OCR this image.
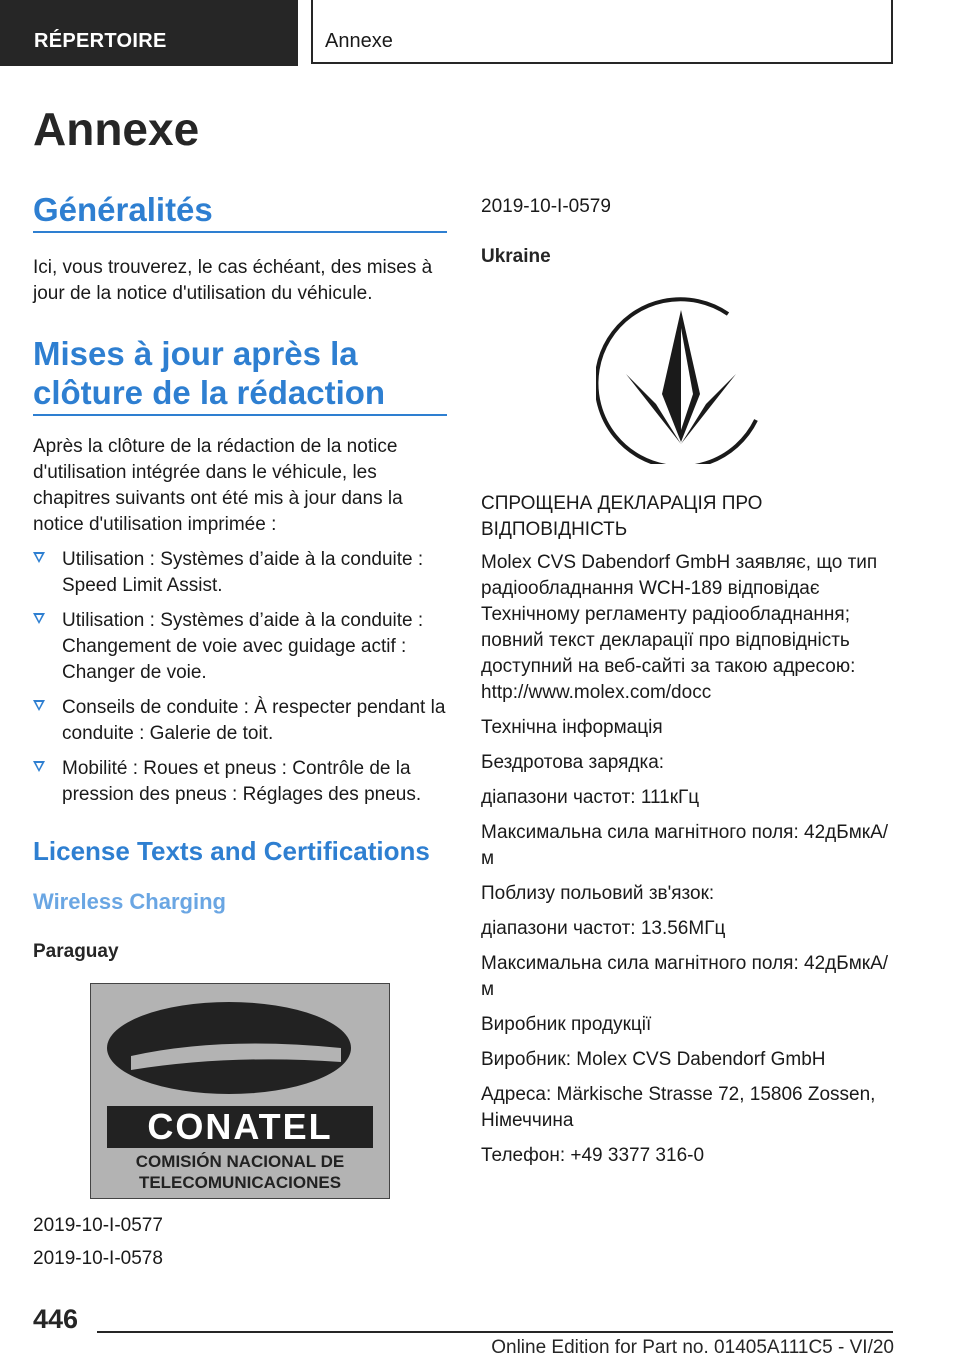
RÉPERTOIRE	Annexe
Annexe
Généralités

Ici, vous trouverez, le cas échéant, des mises à jour de la notice d'utilisation du véhicule.

Mises à jour après la clôture de la rédaction

Après la clôture de la rédaction de la notice d'utilisation intégrée dans le véhicule, les chapitres suivants ont été mis à jour dans la notice d'utilisation imprimée :

Utilisation : Systèmes d’aide à la conduite : Speed Limit Assist.
Utilisation : Systèmes d’aide à la conduite : Changement de voie avec guidage actif : Changer de voie.
Conseils de conduite : À respecter pendant la conduite : Galerie de toit.
Mobilité : Roues et pneus : Contrôle de la pression des pneus : Réglages des pneus.
License Texts and Certifications
Wireless Charging
Paraguay
CONATEL
COMISIÓN NACIONAL DE
TELECOMUNICACIONES

2019-10-I-0577

2019-10-I-0578

2019-10-I-0579

Ukraine

СПРОЩЕНА ДЕКЛАРАЦІЯ ПРО ВІДПОВІДНІСТЬ

Molex CVS Dabendorf GmbH заявляє, що тип радіообладнання WCH-189 відповідає Технічному регламенту радіообладнання; повний текст декларації про відповідність доступний на веб-сайті за такою адресою: http://www.molex.com/docc

Технічна інформація

Бездротова зарядка:

діапазони частот: 111кГц

Максимальна сила магнітного поля: 42дБмкА/м

Поблизу польовий зв'язок:

діапазони частот: 13.56МГц

Максимальна сила магнітного поля: 42дБмкА/м

Виробник продукції

Виробник: Molex CVS Dabendorf GmbH

Адреса: Märkische Strasse 72, 15806 Zossen, Німеччина

Телефон: +49 3377 316-0

446
Online Edition for Part no. 01405A111C5 - VI/20
